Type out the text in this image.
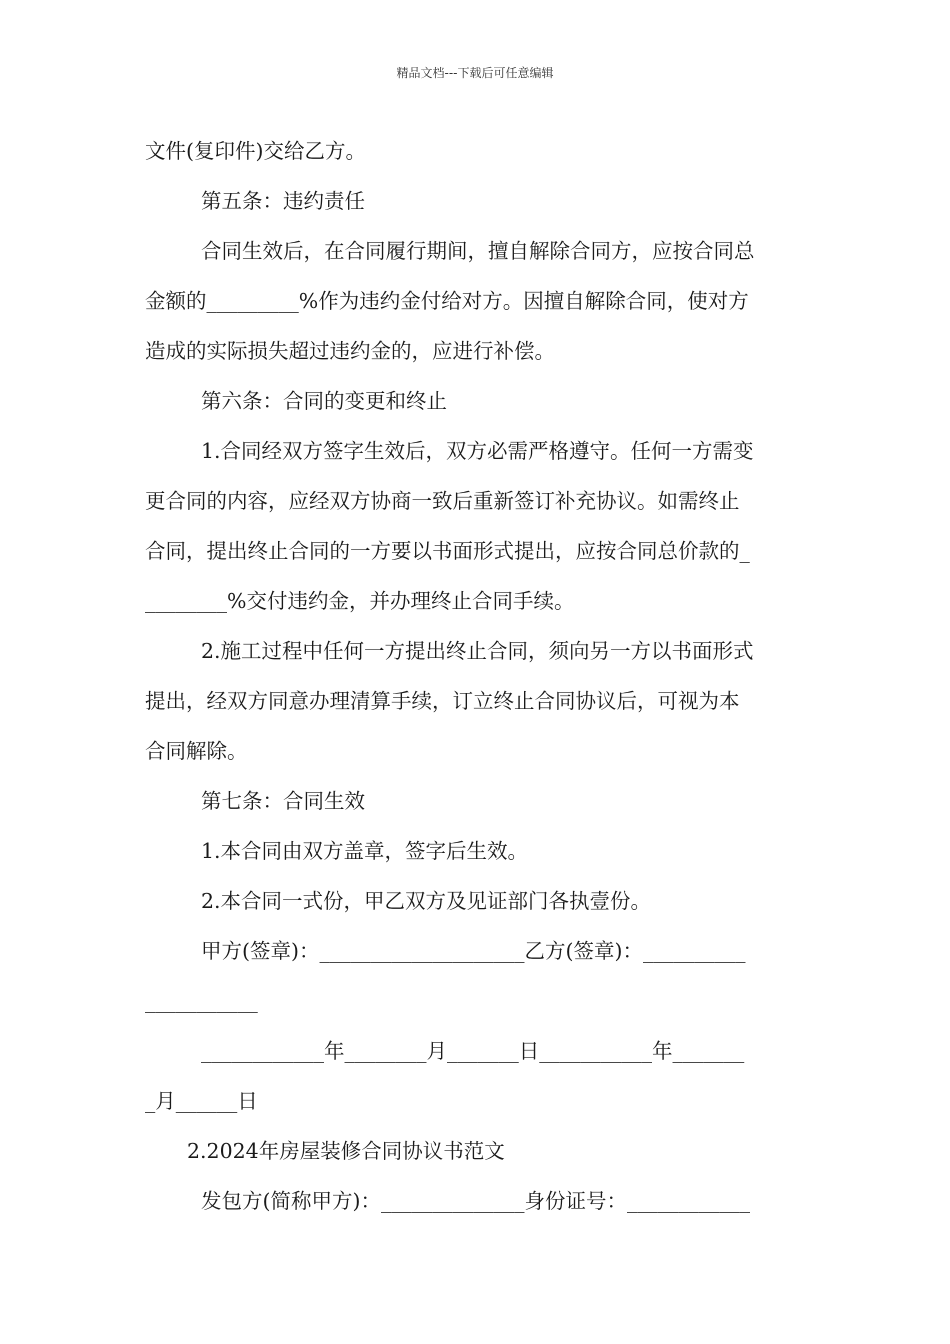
精品文档---下载后可任意编辑
文件(复印件)交给乙方。
第五条：违约责任
合同生效后，在合同履行期间，擅自解除合同方，应按合同总
金额的_________%作为违约金付给对方。因擅自解除合同，使对方
造成的实际损失超过违约金的，应进行补偿。
第六条：合同的变更和终止
1.合同经双方签字生效后，双方必需严格遵守。任何一方需变
更合同的内容，应经双方协商一致后重新签订补充协议。如需终止
合同，提出终止合同的一方要以书面形式提出，应按合同总价款的_
________%交付违约金，并办理终止合同手续。
2.施工过程中任何一方提出终止合同，须向另一方以书面形式
提出，经双方同意办理清算手续，订立终止合同协议后，可视为本
合同解除。
第七条：合同生效
1.本合同由双方盖章，签字后生效。
2.本合同一式份，甲乙双方及见证部门各执壹份。
甲方(签章)：____________________乙方(签章)：__________
___________
____________年________月_______日___________年_______
_月______日
2.2024年房屋装修合同协议书范文
发包方(简称甲方)：______________身份证号：____________
